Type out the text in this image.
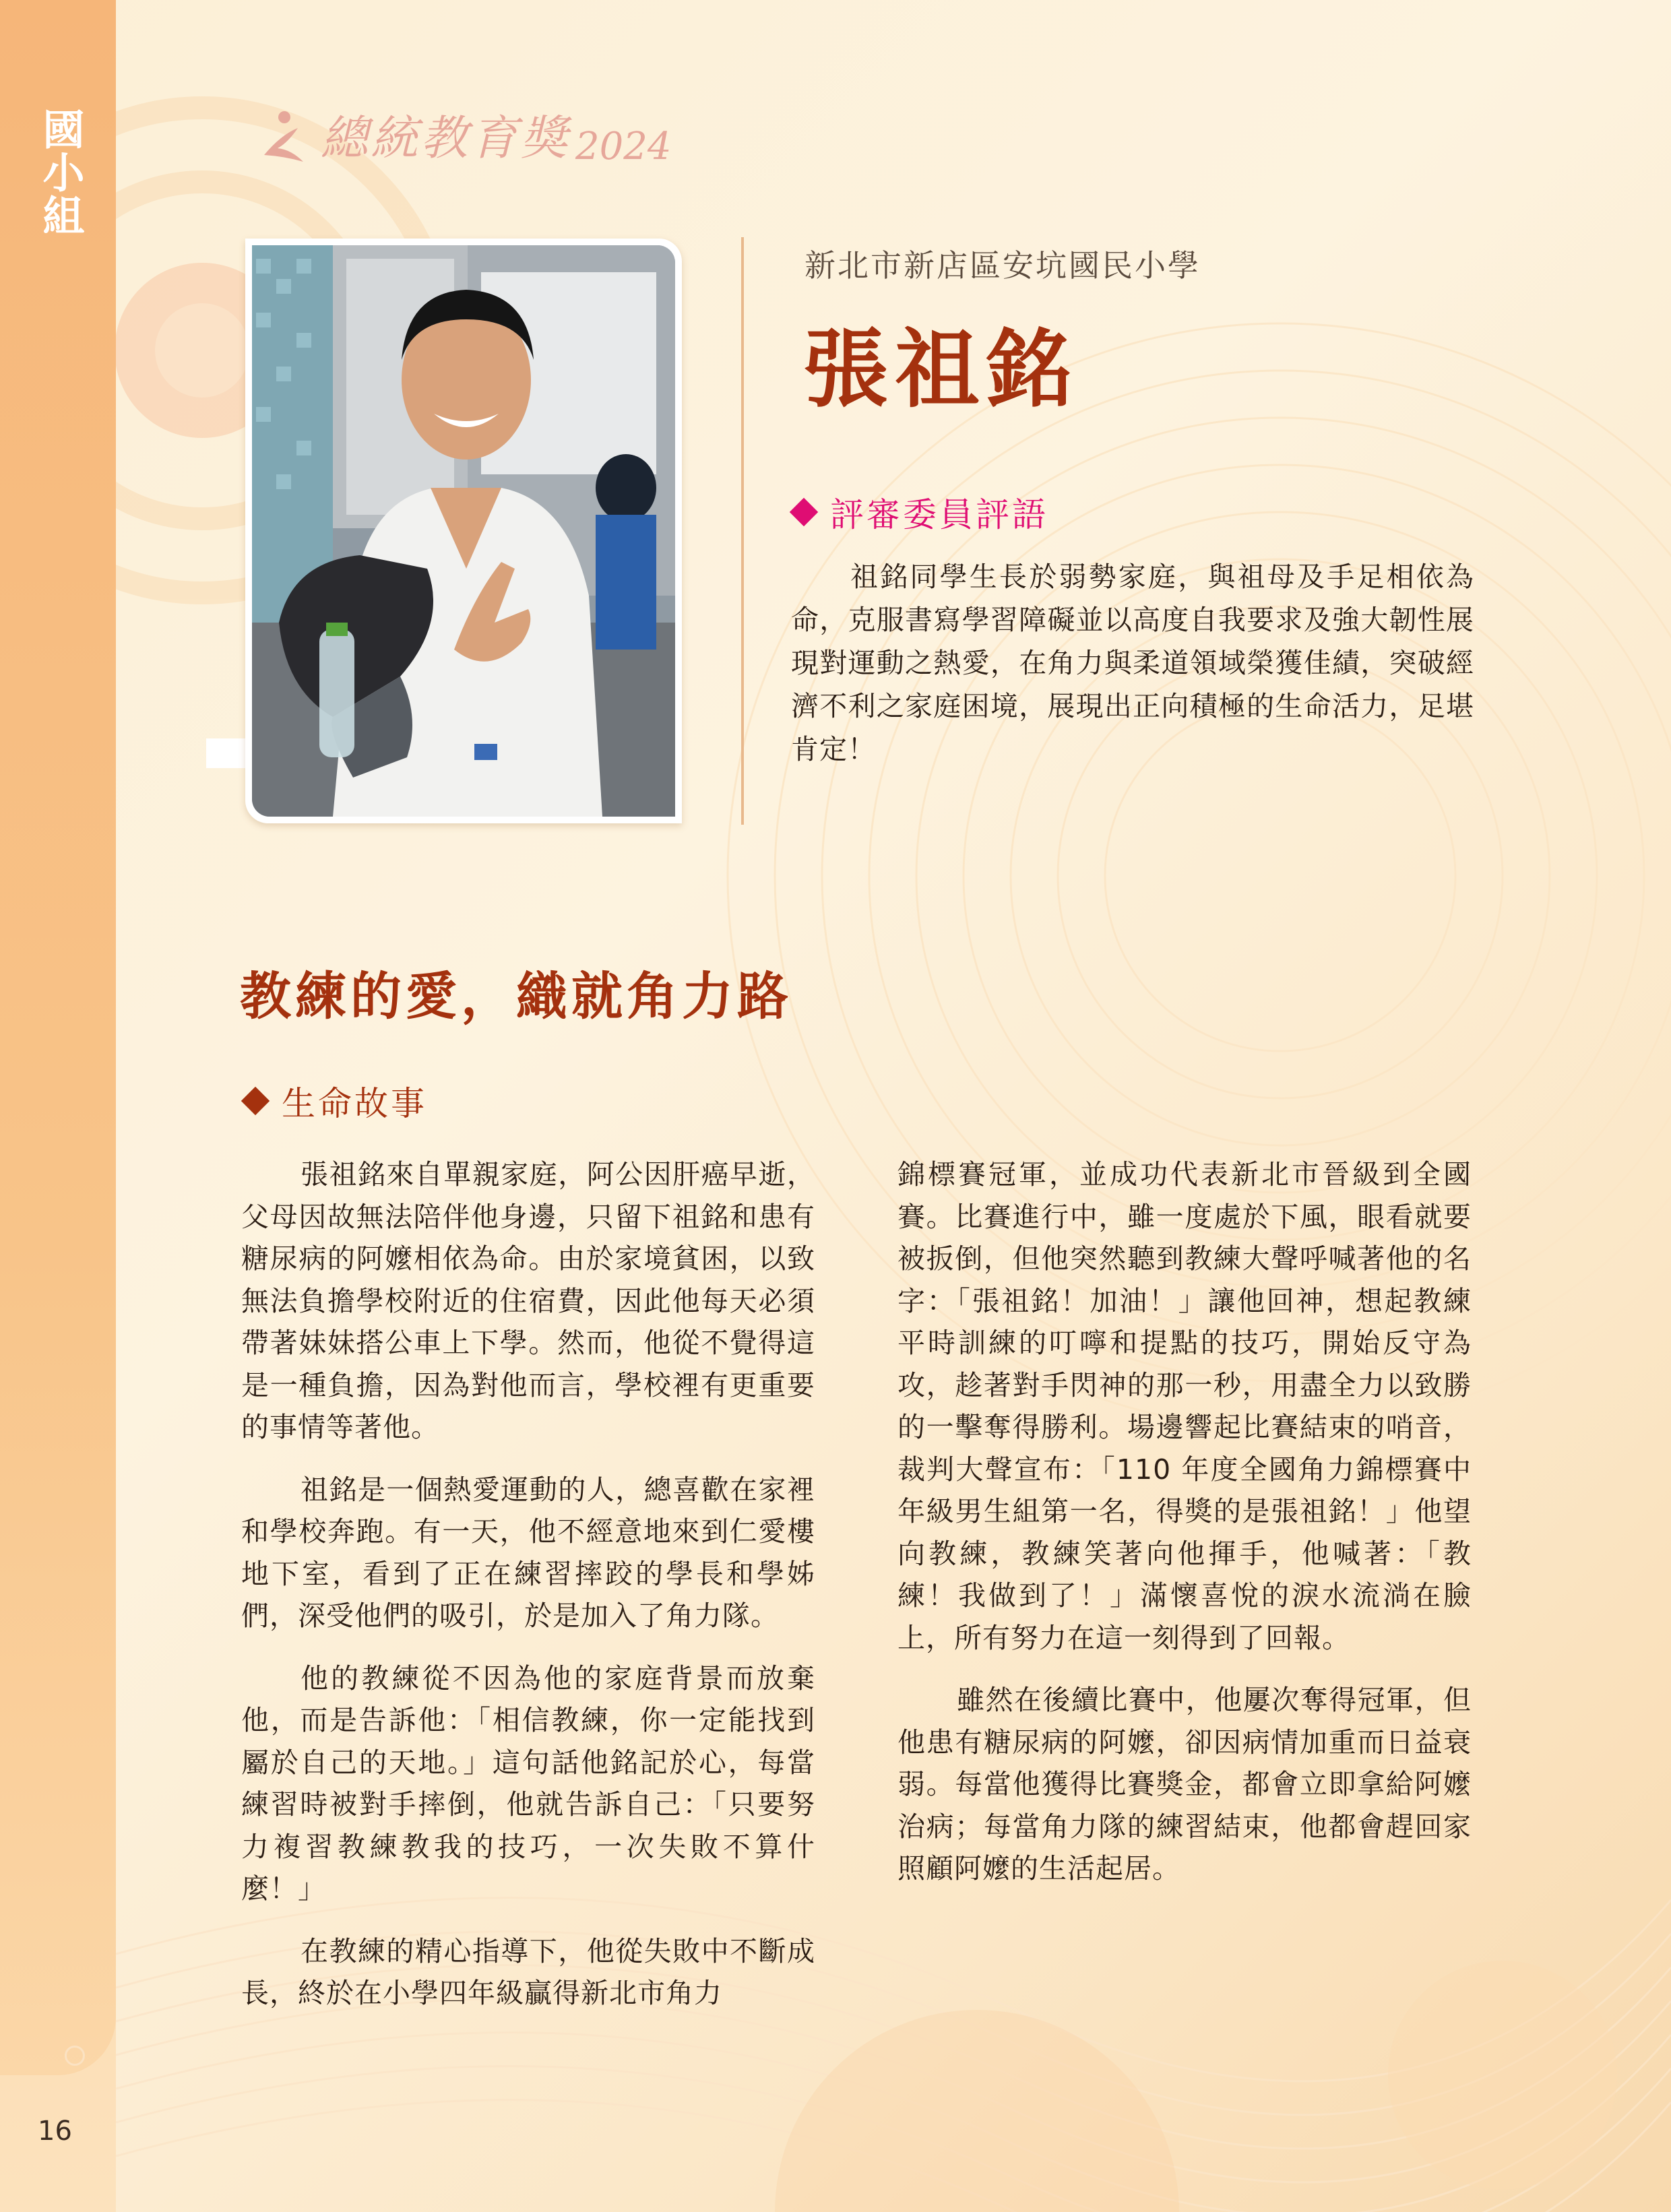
國小組	總統教育獎 2024
新北市新店區安坑國民小學
張祖銘
評審委員評語

祖銘同學生長於弱勢家庭，與祖母及手足相依為命，克服書寫學習障礙並以高度自我要求及強大韌性展現對運動之熱愛，在角力與柔道領域榮獲佳績，突破經濟不利之家庭困境，展現出正向積極的生命活力，足堪肯定！

教練的愛，織就角力路
生命故事

張祖銘來自單親家庭，阿公因肝癌早逝，父母因故無法陪伴他身邊，只留下祖銘和患有糖尿病的阿嬤相依為命。由於家境貧困，以致無法負擔學校附近的住宿費，因此他每天必須帶著妹妹搭公車上下學。然而，他從不覺得這是一種負擔，因為對他而言，學校裡有更重要的事情等著他。

祖銘是一個熱愛運動的人，總喜歡在家裡和學校奔跑。有一天，他不經意地來到仁愛樓地下室，看到了正在練習摔跤的學長和學姊們，深受他們的吸引，於是加入了角力隊。

他的教練從不因為他的家庭背景而放棄他，而是告訴他：「相信教練，你一定能找到屬於自己的天地。」這句話他銘記於心，每當練習時被對手摔倒，他就告訴自己：「只要努力複習教練教我的技巧，一次失敗不算什麼！」

在教練的精心指導下，他從失敗中不斷成長，終於在小學四年級贏得新北市角力

錦標賽冠軍，並成功代表新北市晉級到全國賽。比賽進行中，雖一度處於下風，眼看就要被扳倒，但他突然聽到教練大聲呼喊著他的名字：「張祖銘！加油！」讓他回神，想起教練平時訓練的叮嚀和提點的技巧，開始反守為攻，趁著對手閃神的那一秒，用盡全力以致勝的一擊奪得勝利。場邊響起比賽結束的哨音，裁判大聲宣布：「110 年度全國角力錦標賽中年級男生組第一名，得獎的是張祖銘！」他望向教練，教練笑著向他揮手，他喊著：「教練！我做到了！」滿懷喜悅的淚水流淌在臉上，所有努力在這一刻得到了回報。

雖然在後續比賽中，他屢次奪得冠軍，但他患有糖尿病的阿嬤，卻因病情加重而日益衰弱。每當他獲得比賽獎金，都會立即拿給阿嬤治病；每當角力隊的練習結束，他都會趕回家照顧阿嬤的生活起居。

16
